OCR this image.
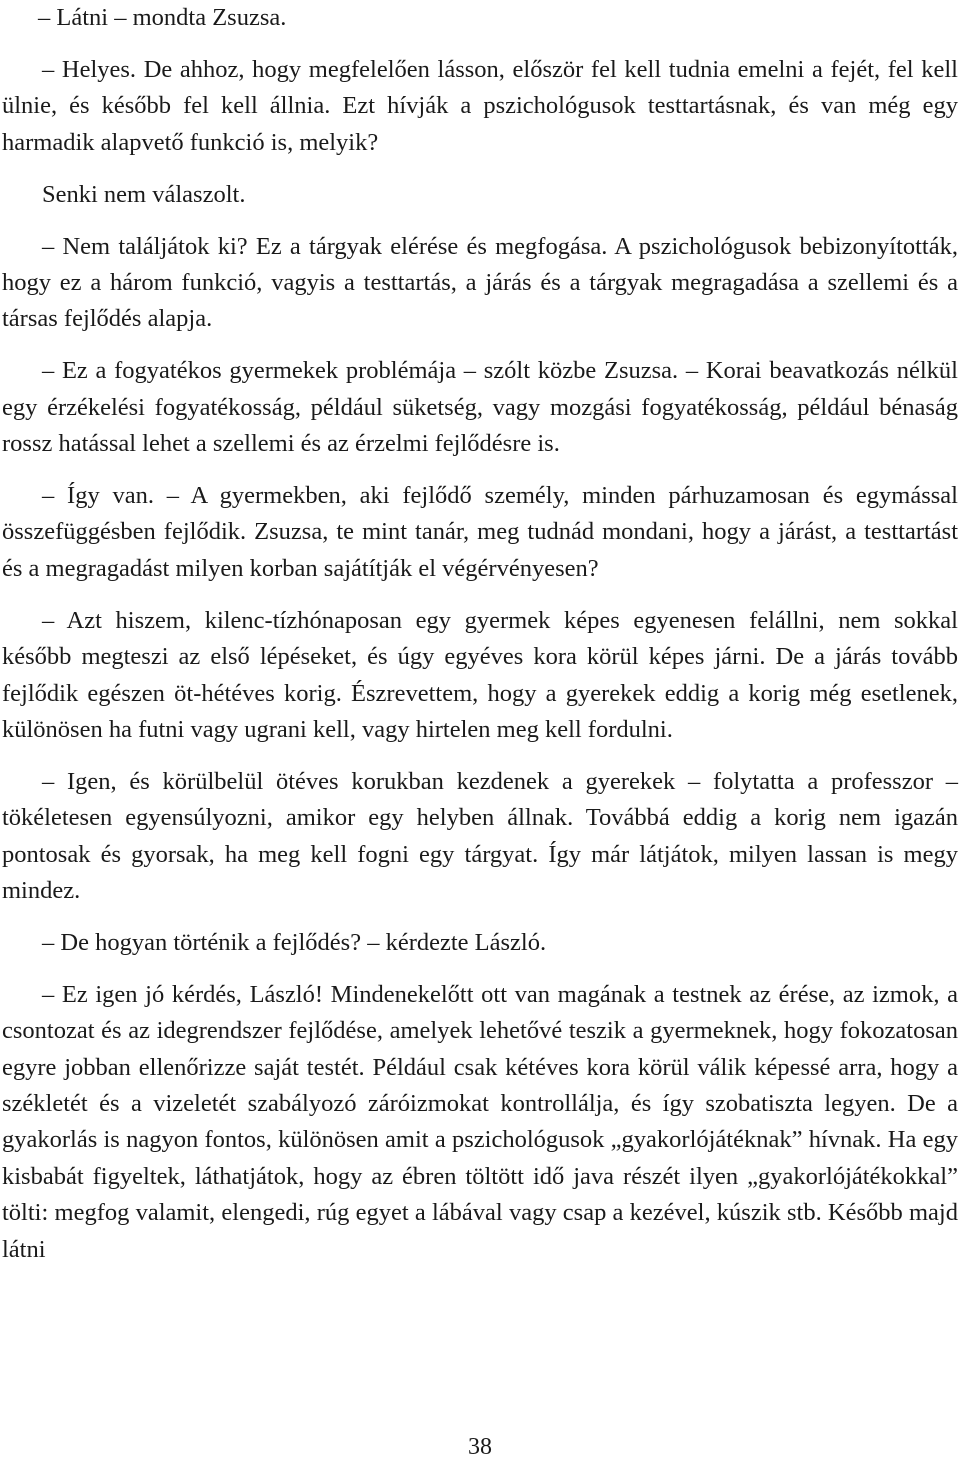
– Látni – mondta Zsuzsa.

– Helyes. De ahhoz, hogy megfelelően lásson, először fel kell tudnia emelni a fejét, fel kell ülnie, és később fel kell állnia. Ezt hívják a pszichológusok testtartásnak, és van még egy harmadik alapvető funkció is, melyik?

Senki nem válaszolt.

– Nem találjátok ki? Ez a tárgyak elérése és megfogása. A pszichológusok bebizonyították, hogy ez a három funkció, vagyis a testtartás, a járás és a tárgyak megragadása a szellemi és a társas fejlődés alapja.

– Ez a fogyatékos gyermekek problémája – szólt közbe Zsuzsa. – Korai beavatkozás nélkül egy érzékelési fogyatékosság, például süketség, vagy mozgási fogyatékosság, például bénaság rossz hatással lehet a szellemi és az érzelmi fejlődésre is.

– Így van. – A gyermekben, aki fejlődő személy, minden párhuzamosan és egymással összefüggésben fejlődik. Zsuzsa, te mint tanár, meg tudnád mondani, hogy a járást, a testtartást és a megragadást milyen korban sajátítják el végérvényesen?

– Azt hiszem, kilenc-tízhónaposan egy gyermek képes egyenesen felállni, nem sokkal később megteszi az első lépéseket, és úgy egyéves kora körül képes járni. De a járás tovább fejlődik egészen öt-hétéves korig. Észrevettem, hogy a gyerekek eddig a korig még esetlenek, különösen ha futni vagy ugrani kell, vagy hirtelen meg kell fordulni.

– Igen, és körülbelül ötéves korukban kezdenek a gyerekek – folytatta a professzor – tökéletesen egyensúlyozni, amikor egy helyben állnak. Továbbá eddig a korig nem igazán pontosak és gyorsak, ha meg kell fogni egy tárgyat. Így már látjátok, milyen lassan is megy mindez.

– De hogyan történik a fejlődés? – kérdezte László.

– Ez igen jó kérdés, László! Mindenekelőtt ott van magának a testnek az érése, az izmok, a csontozat és az idegrendszer fejlődése, amelyek lehetővé teszik a gyermeknek, hogy fokozatosan egyre jobban ellenőrizze saját testét. Például csak kétéves kora körül válik képessé arra, hogy a székletét és a vizeletét szabályozó záróizmokat kontrollálja, és így szobatiszta legyen. De a gyakorlás is nagyon fontos, különösen amit a pszichológusok „gyakorlójátéknak” hívnak. Ha egy kisbabát figyeltek, láthatjátok, hogy az ébren töltött idő java részét ilyen „gyakorlójátékokkal” tölti: megfog valamit, elengedi, rúg egyet a lábával vagy csap a kezével, kúszik stb. Később majd látni

38
